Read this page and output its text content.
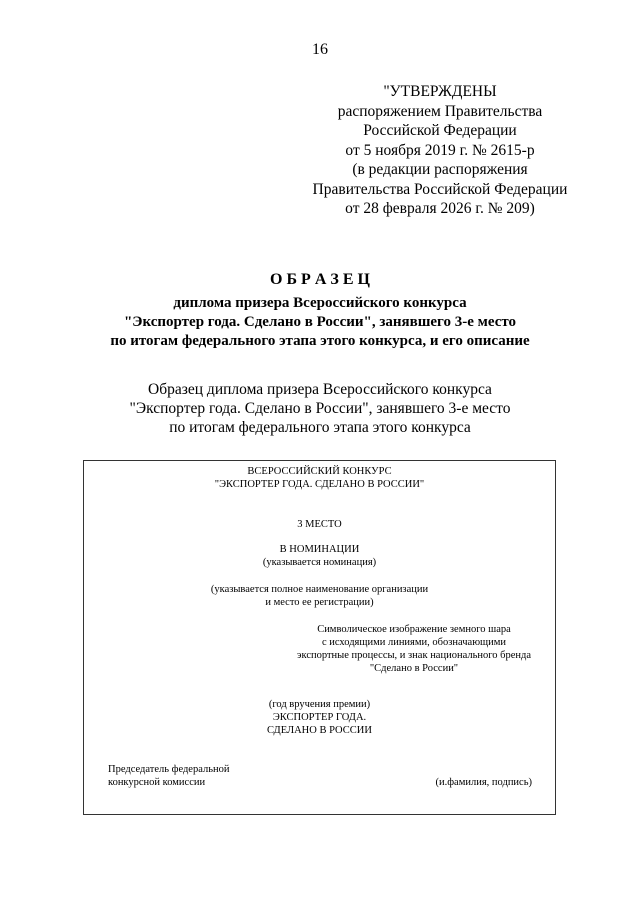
16
"УТВЕРЖДЕНЫ
распоряжением Правительства
Российской Федерации
от 5 ноября 2019 г. № 2615-р
(в редакции распоряжения
Правительства Российской Федерации
от 28 февраля 2026 г. № 209)
О Б Р А З Е Ц
диплома призера Всероссийского конкурса
"Экспортер года. Сделано в России", занявшего 3-е место
по итогам федерального этапа этого конкурса, и его описание
Образец диплома призера Всероссийского конкурса
"Экспортер года. Сделано в России", занявшего 3-е место
по итогам федерального этапа этого конкурса
ВСЕРОССИЙСКИЙ КОНКУРС
"ЭКСПОРТЕР ГОДА. СДЕЛАНО В РОССИИ"
3 МЕСТО
В НОМИНАЦИИ
(указывается номинация)
(указывается полное наименование организации
и место ее регистрации)
Символическое изображение земного шара
с исходящими линиями, обозначающими
экспортные процессы, и знак национального бренда
"Сделано в России"
(год вручения премии)
ЭКСПОРТЕР ГОДА.
СДЕЛАНО В РОССИИ
Председатель федеральной
конкурсной комиссии	(и.фамилия, подпись)
